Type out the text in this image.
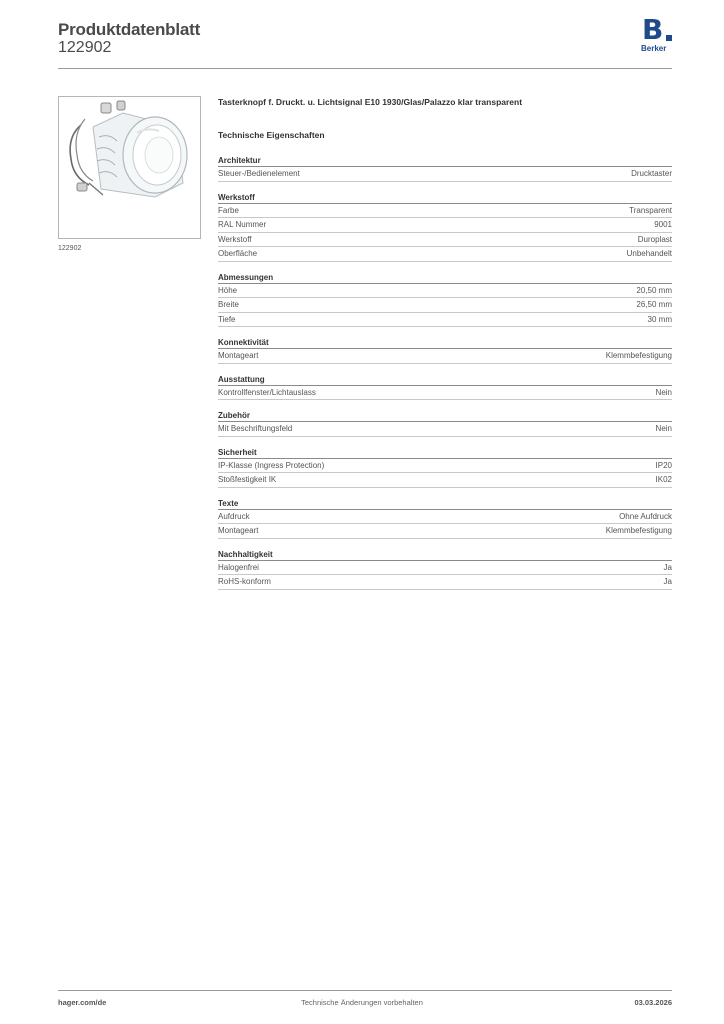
Produktdatenblatt
122902
B
Berker
122902
Tasterknopf f. Druckt. u. Lichtsignal E10 1930/Glas/Palazzo klar transparent
Technische Eigenschaften
Architektur
Steuer-/Bedienelement	Drucktaster
Werkstoff
Farbe	Transparent
RAL Nummer	9001
Werkstoff	Duroplast
Oberfläche	Unbehandelt
Abmessungen
Höhe	20,50 mm
Breite	26,50 mm
Tiefe	30 mm
Konnektivität
Montageart	Klemmbefestigung
Ausstattung
Kontrollfenster/Lichtauslass	Nein
Zubehör
Mit Beschriftungsfeld	Nein
Sicherheit
IP-Klasse (Ingress Protection)	IP20
Stoßfestigkeit IK	IK02
Texte
Aufdruck	Ohne Aufdruck
Montageart	Klemmbefestigung
Nachhaltigkeit
Halogenfrei	Ja
RoHS-konform	Ja
hager.com/de	Technische Änderungen vorbehalten	03.03.2026
